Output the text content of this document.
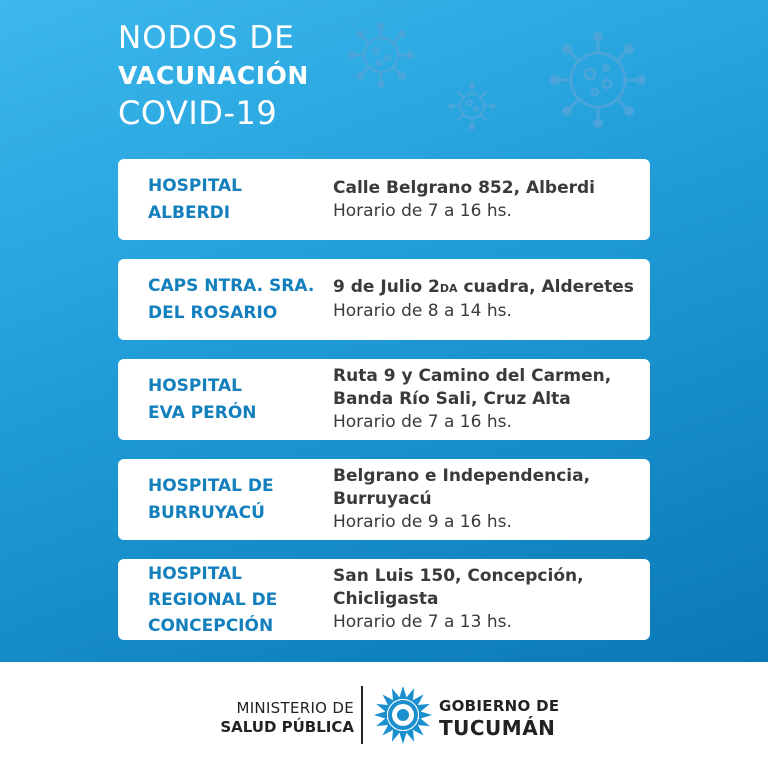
NODOS DE
VACUNACIÓN
COVID-19
HOSPITAL
ALBERDI
Calle Belgrano 852, Alberdi
Horario de 7 a 16 hs.
CAPS NTRA. SRA.
DEL ROSARIO
9 de Julio 2DA cuadra, Alderetes
Horario de 8 a 14 hs.
HOSPITAL
EVA PERÓN
Ruta 9 y Camino del Carmen,
Banda Río Sali, Cruz Alta
Horario de 7 a 16 hs.
HOSPITAL DE
BURRUYACÚ
Belgrano e Independencia,
Burruyacú
Horario de 9 a 16 hs.
HOSPITAL
REGIONAL DE
CONCEPCIÓN
San Luis 150, Concepción,
Chicligasta
Horario de 7 a 13 hs.
MINISTERIO DE
SALUD PÚBLICA
GOBIERNO DE
TUCUMÁN
